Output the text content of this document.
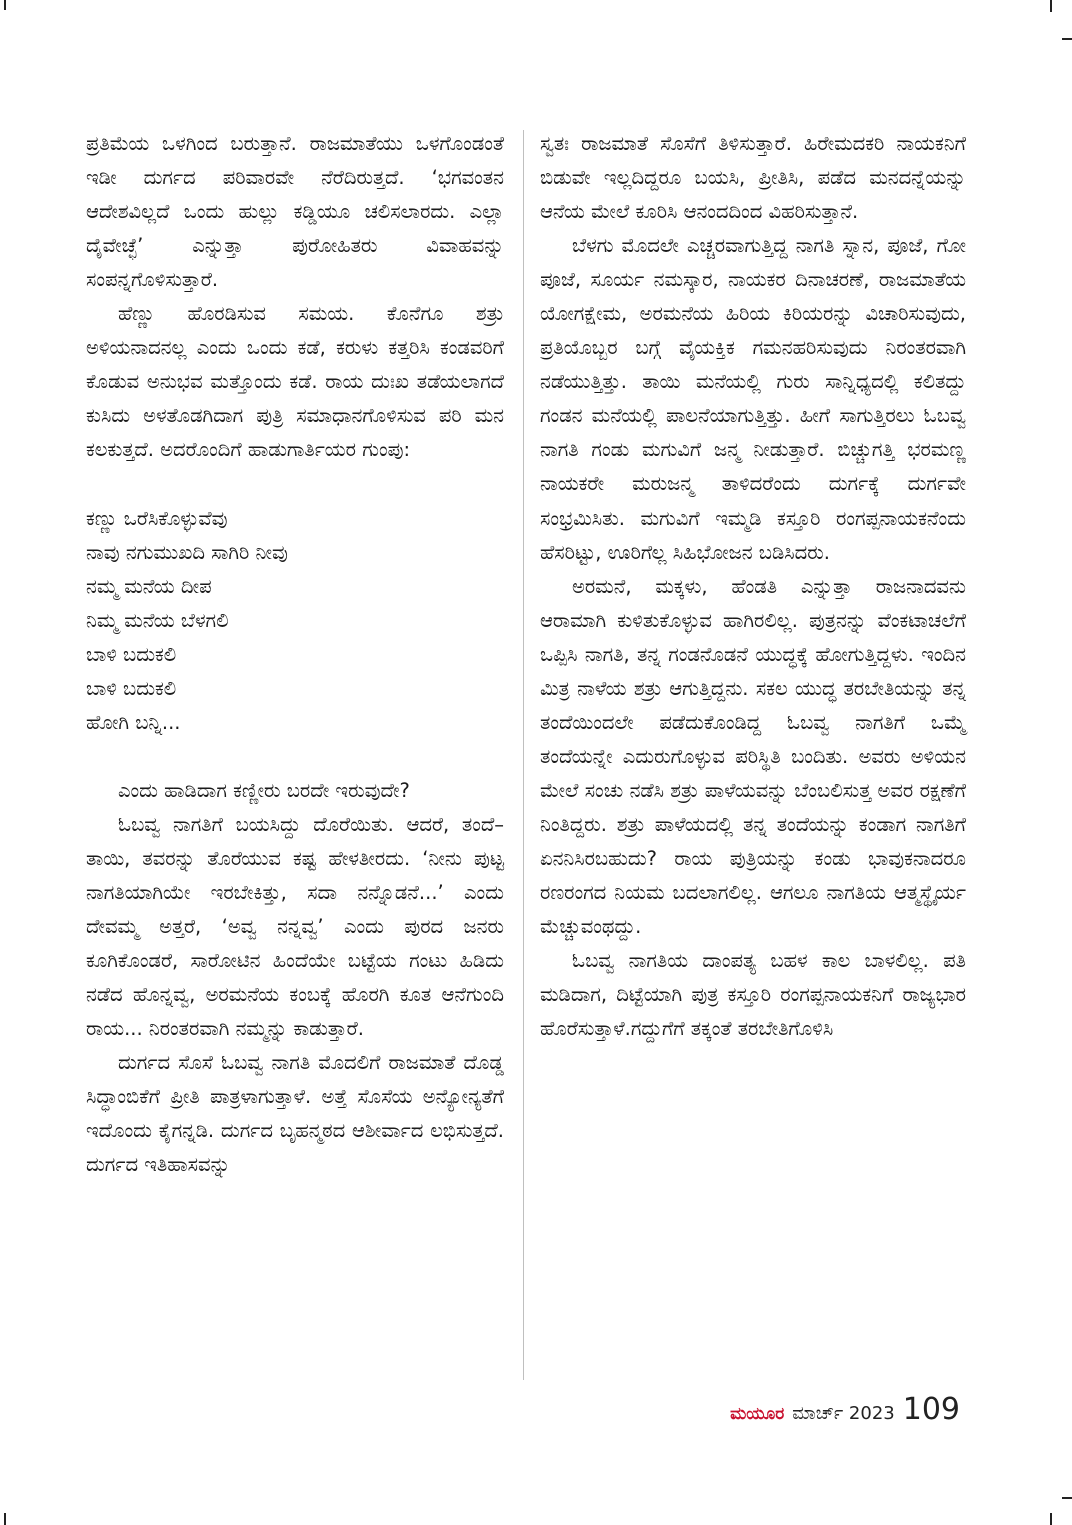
ಪ್ರತಿಮೆಯ ಒಳಗಿಂದ ಬರುತ್ತಾನೆ. ರಾಜಮಾತೆಯು ಒಳಗೊಂಡಂತೆ ಇಡೀ ದುರ್ಗದ ಪರಿವಾರವೇ ನೆರೆದಿರುತ್ತದೆ. ‘ಭಗವಂತನ ಆದೇಶವಿಲ್ಲದೆ ಒಂದು ಹುಲ್ಲು ಕಡ್ಡಿಯೂ ಚಲಿಸಲಾರದು. ಎಲ್ಲಾ ದೈವೇಚ್ಛೆ’ ಎನ್ನುತ್ತಾ ಪುರೋಹಿತರು ವಿವಾಹವನ್ನು ಸಂಪನ್ನಗೊಳಿಸುತ್ತಾರೆ.
ಹೆಣ್ಣು ಹೊರಡಿಸುವ ಸಮಯ. ಕೊನೆಗೂ ಶತ್ರು ಅಳಿಯನಾದನಲ್ಲ ಎಂದು ಒಂದು ಕಡೆ, ಕರುಳು ಕತ್ತರಿಸಿ ಕಂಡವರಿಗೆ ಕೊಡುವ ಅನುಭವ ಮತ್ತೊಂದು ಕಡೆ. ರಾಯ ದುಃಖ ತಡೆಯಲಾಗದೆ ಕುಸಿದು ಅಳತೊಡಗಿದಾಗ ಪುತ್ರಿ ಸಮಾಧಾನಗೊಳಿಸುವ ಪರಿ ಮನ ಕಲಕುತ್ತದೆ. ಅದರೊಂದಿಗೆ ಹಾಡುಗಾರ್ತಿಯರ ಗುಂಪು:
ಕಣ್ಣು ಒರೆಸಿಕೊಳ್ಳುವೆವು
ನಾವು ನಗುಮುಖದಿ ಸಾಗಿರಿ ನೀವು
ನಮ್ಮ ಮನೆಯ ದೀಪ
ನಿಮ್ಮ ಮನೆಯ ಬೆಳಗಲಿ
ಬಾಳಿ ಬದುಕಲಿ
ಬಾಳಿ ಬದುಕಲಿ
ಹೋಗಿ ಬನ್ನಿ...
ಎಂದು ಹಾಡಿದಾಗ ಕಣ್ಣೀರು ಬರದೇ ಇರುವುದೇ?
ಓಬವ್ವ ನಾಗತಿಗೆ ಬಯಸಿದ್ದು ದೊರೆಯಿತು. ಆದರೆ, ತಂದೆ–ತಾಯಿ, ತವರನ್ನು ತೊರೆಯುವ ಕಷ್ಟ ಹೇಳತೀರದು. ‘ನೀನು ಪುಟ್ಟ ನಾಗತಿಯಾಗಿಯೇ ಇರಬೇಕಿತ್ತು, ಸದಾ ನನ್ನೊಡನೆ...’ ಎಂದು ದೇವಮ್ಮ ಅತ್ತರೆ, ‘ಅವ್ವ ನನ್ನವ್ವ’ ಎಂದು ಪುರದ ಜನರು ಕೂಗಿಕೊಂಡರೆ, ಸಾರೋಟಿನ ಹಿಂದೆಯೇ ಬಟ್ಟೆಯ ಗಂಟು ಹಿಡಿದು ನಡೆದ ಹೊನ್ನವ್ವ, ಅರಮನೆಯ ಕಂಬಕ್ಕೆ ಹೊರಗಿ ಕೂತ ಆನೆಗುಂದಿ ರಾಯ... ನಿರಂತರವಾಗಿ ನಮ್ಮನ್ನು ಕಾಡುತ್ತಾರೆ.
ದುರ್ಗದ ಸೊಸೆ ಓಬವ್ವ ನಾಗತಿ ಮೊದಲಿಗೆ ರಾಜಮಾತೆ ದೊಡ್ಡ ಸಿದ್ಧಾಂಬಿಕೆಗೆ ಪ್ರೀತಿ ಪಾತ್ರಳಾಗುತ್ತಾಳೆ. ಅತ್ತೆ ಸೊಸೆಯ ಅನ್ಯೋನ್ಯತೆಗೆ ಇದೊಂದು ಕೈಗನ್ನಡಿ. ದುರ್ಗದ ಬೃಹನ್ಮಠದ ಆಶೀರ್ವಾದ ಲಭಿಸುತ್ತದೆ. ದುರ್ಗದ ಇತಿಹಾಸವನ್ನು
ಸ್ವತಃ ರಾಜಮಾತೆ ಸೊಸೆಗೆ ತಿಳಿಸುತ್ತಾರೆ. ಹಿರೇಮದಕರಿ ನಾಯಕನಿಗೆ ಬಿಡುವೇ ಇಲ್ಲದಿದ್ದರೂ ಬಯಸಿ, ಪ್ರೀತಿಸಿ, ಪಡೆದ ಮನದನ್ನೆಯನ್ನು ಆನೆಯ ಮೇಲೆ ಕೂರಿಸಿ ಆನಂದದಿಂದ ವಿಹರಿಸುತ್ತಾನೆ.
ಬೆಳಗು ಮೊದಲೇ ಎಚ್ಚರವಾಗುತ್ತಿದ್ದ ನಾಗತಿ ಸ್ನಾನ, ಪೂಜೆ, ಗೋ ಪೂಜೆ, ಸೂರ್ಯ ನಮಸ್ಕಾರ, ನಾಯಕರ ದಿನಾಚರಣೆ, ರಾಜಮಾತೆಯ ಯೋಗಕ್ಷೇಮ, ಅರಮನೆಯ ಹಿರಿಯ ಕಿರಿಯರನ್ನು ವಿಚಾರಿಸುವುದು, ಪ್ರತಿಯೊಬ್ಬರ ಬಗ್ಗೆ ವೈಯಕ್ತಿಕ ಗಮನಹರಿಸುವುದು ನಿರಂತರವಾಗಿ ನಡೆಯುತ್ತಿತ್ತು. ತಾಯಿ ಮನೆಯಲ್ಲಿ ಗುರು ಸಾನ್ನಿಧ್ಯದಲ್ಲಿ ಕಲಿತದ್ದು ಗಂಡನ ಮನೆಯಲ್ಲಿ ಪಾಲನೆಯಾಗುತ್ತಿತ್ತು. ಹೀಗೆ ಸಾಗುತ್ತಿರಲು ಓಬವ್ವ ನಾಗತಿ ಗಂಡು ಮಗುವಿಗೆ ಜನ್ಮ ನೀಡುತ್ತಾರೆ. ಬಿಚ್ಚುಗತ್ತಿ ಭರಮಣ್ಣ ನಾಯಕರೇ ಮರುಜನ್ಮ ತಾಳಿದರೆಂದು ದುರ್ಗಕ್ಕೆ ದುರ್ಗವೇ ಸಂಭ್ರಮಿಸಿತು. ಮಗುವಿಗೆ ಇಮ್ಮಡಿ ಕಸ್ತೂರಿ ರಂಗಪ್ಪನಾಯಕನೆಂದು ಹೆಸರಿಟ್ಟು, ಊರಿಗೆಲ್ಲ ಸಿಹಿಭೋಜನ ಬಡಿಸಿದರು.
ಅರಮನೆ, ಮಕ್ಕಳು, ಹೆಂಡತಿ ಎನ್ನುತ್ತಾ ರಾಜನಾದವನು ಆರಾಮಾಗಿ ಕುಳಿತುಕೊಳ್ಳುವ ಹಾಗಿರಲಿಲ್ಲ. ಪುತ್ರನನ್ನು ವೆಂಕಟಾಚಲೆಗೆ ಒಪ್ಪಿಸಿ ನಾಗತಿ, ತನ್ನ ಗಂಡನೊಡನೆ ಯುದ್ಧಕ್ಕೆ ಹೋಗುತ್ತಿದ್ದಳು. ಇಂದಿನ ಮಿತ್ರ ನಾಳೆಯ ಶತ್ರು ಆಗುತ್ತಿದ್ದನು. ಸಕಲ ಯುದ್ಧ ತರಬೇತಿಯನ್ನು ತನ್ನ ತಂದೆಯಿಂದಲೇ ಪಡೆದುಕೊಂಡಿದ್ದ ಓಬವ್ವ ನಾಗತಿಗೆ ಒಮ್ಮೆ ತಂದೆಯನ್ನೇ ಎದುರುಗೊಳ್ಳುವ ಪರಿಸ್ಥಿತಿ ಬಂದಿತು. ಅವರು ಅಳಿಯನ ಮೇಲೆ ಸಂಚು ನಡೆಸಿ ಶತ್ರು ಪಾಳೆಯವನ್ನು ಬೆಂಬಲಿಸುತ್ತ ಅವರ ರಕ್ಷಣೆಗೆ ನಿಂತಿದ್ದರು. ಶತ್ರು ಪಾಳೆಯದಲ್ಲಿ ತನ್ನ ತಂದೆಯನ್ನು ಕಂಡಾಗ ನಾಗತಿಗೆ ಏನನಿಸಿರಬಹುದು? ರಾಯ ಪುತ್ರಿಯನ್ನು ಕಂಡು ಭಾವುಕನಾದರೂ ರಣರಂಗದ ನಿಯಮ ಬದಲಾಗಲಿಲ್ಲ. ಆಗಲೂ ನಾಗತಿಯ ಆತ್ಮಸ್ಥೈರ್ಯ ಮೆಚ್ಚುವಂಥದ್ದು.
ಓಬವ್ವ ನಾಗತಿಯ ದಾಂಪತ್ಯ ಬಹಳ ಕಾಲ ಬಾಳಲಿಲ್ಲ. ಪತಿ ಮಡಿದಾಗ, ದಿಟ್ಟೆಯಾಗಿ ಪುತ್ರ ಕಸ್ತೂರಿ ರಂಗಪ್ಪನಾಯಕನಿಗೆ ರಾಜ್ಯಭಾರ ಹೊರೆಸುತ್ತಾಳೆ.ಗದ್ದುಗೆಗೆ ತಕ್ಕಂತೆ ತರಬೇತಿಗೊಳಿಸಿ
ಮಯೂರ ಮಾರ್ಚ್ 2023 109
